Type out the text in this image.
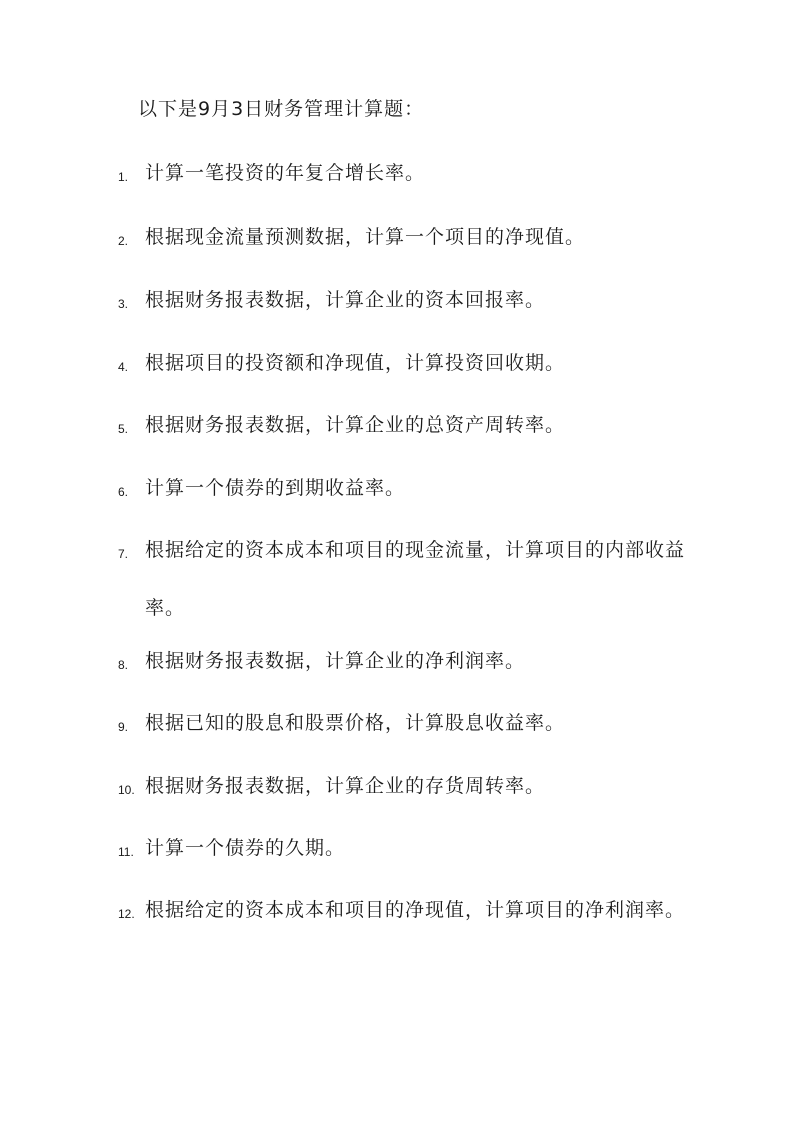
以下是9月3日财务管理计算题：
1. 计算一笔投资的年复合增长率。
2. 根据现金流量预测数据，计算一个项目的净现值。
3. 根据财务报表数据，计算企业的资本回报率。
4. 根据项目的投资额和净现值，计算投资回收期。
5. 根据财务报表数据，计算企业的总资产周转率。
6. 计算一个债券的到期收益率。
7. 根据给定的资本成本和项目的现金流量，计算项目的内部收益率。
8. 根据财务报表数据，计算企业的净利润率。
9. 根据已知的股息和股票价格，计算股息收益率。
10. 根据财务报表数据，计算企业的存货周转率。
11. 计算一个债券的久期。
12. 根据给定的资本成本和项目的净现值，计算项目的净利润率。
